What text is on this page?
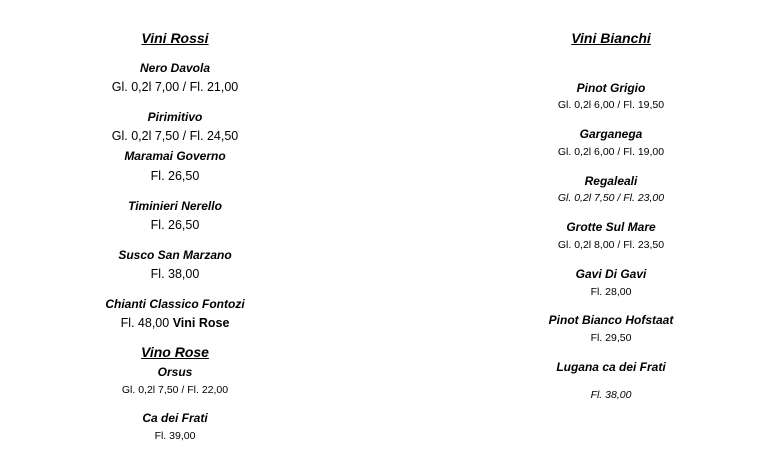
Vini Rossi
Nero Davola
Gl. 0,2l 7,00 / Fl. 21,00
Pirimitivo
Gl. 0,2l 7,50 / Fl. 24,50
Maramai Governo
Fl. 26,50
Timinieri Nerello
Fl. 26,50
Susco San Marzano
Fl. 38,00
Chianti Classico Fontozi
Fl. 48,00 Vini Rose
Vino Rose
Orsus
Gl. 0,2l 7,50 / Fl. 22,00
Ca dei Frati
Fl. 39,00
Vini Bianchi
Pinot Grigio
Gl. 0,2l 6,00 / Fl. 19,50
Garganega
Gl. 0,2l 6,00 / Fl. 19,00
Regaleali
Gl. 0,2l 7,50 / Fl. 23,00
Grotte Sul Mare
Gl. 0,2l 8,00 / Fl. 23,50
Gavi Di Gavi
Fl. 28,00
Pinot Bianco Hofstaat
Fl. 29,50
Lugana ca dei Frati
Fl. 38,00
